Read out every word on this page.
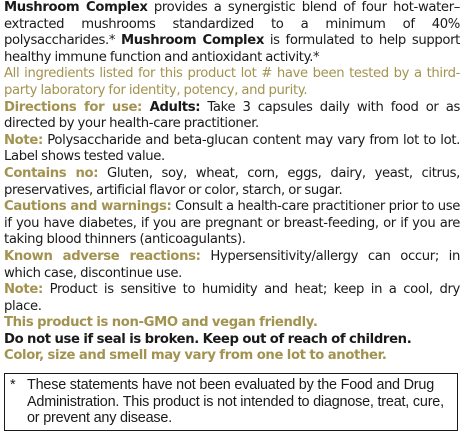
Mushroom Complex provides a synergistic blend of four hot-water–extracted mushrooms standardized to a minimum of 40% polysaccharides.* Mushroom Complex is formulated to help support healthy immune function and antioxidant activity.*

All ingredients listed for this product lot # have been tested by a third-party laboratory for identity, potency, and purity.

Directions for use: Adults: Take 3 capsules daily with food or as directed by your health-care practitioner.

Note: Polysaccharide and beta-glucan content may vary from lot to lot. Label shows tested value.

Contains no: Gluten, soy, wheat, corn, eggs, dairy, yeast, citrus, preservatives, artificial flavor or color, starch, or sugar.

Cautions and warnings: Consult a health-care practitioner prior to use if you have diabetes, if you are pregnant or breast-feeding, or if you are taking blood thinners (anticoagulants).

Known adverse reactions: Hypersensitivity/allergy can occur; in which case, discontinue use.

Note: Product is sensitive to humidity and heat; keep in a cool, dry place.

This product is non-GMO and vegan friendly.

Do not use if seal is broken. Keep out of reach of children.

Color, size and smell may vary from one lot to another.

* These statements have not been evaluated by the Food and Drug Administration. This product is not intended to diagnose, treat, cure, or prevent any disease.
